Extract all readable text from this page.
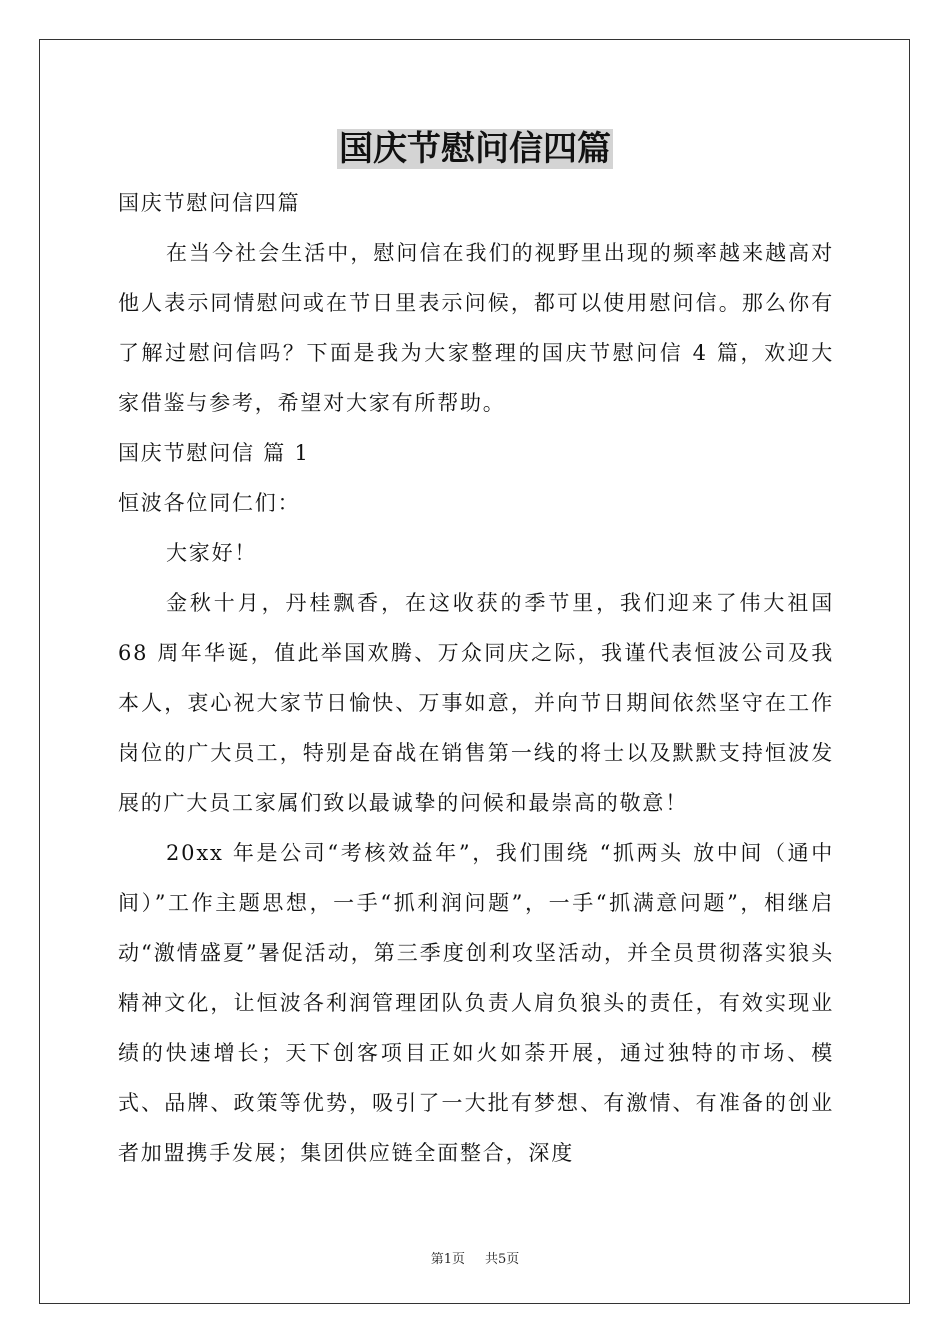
国庆节慰问信四篇

国庆节慰问信四篇

在当今社会生活中，慰问信在我们的视野里出现的频率越来越高对他人表示同情慰问或在节日里表示问候，都可以使用慰问信。那么你有了解过慰问信吗？下面是我为大家整理的国庆节慰问信 4 篇，欢迎大家借鉴与参考，希望对大家有所帮助。

国庆节慰问信 篇 1

恒波各位同仁们：

大家好！

金秋十月，丹桂飘香，在这收获的季节里，我们迎来了伟大祖国 68 周年华诞，值此举国欢腾、万众同庆之际，我谨代表恒波公司及我本人，衷心祝大家节日愉快、万事如意，并向节日期间依然坚守在工作岗位的广大员工，特别是奋战在销售第一线的将士以及默默支持恒波发展的广大员工家属们致以最诚挚的问候和最崇高的敬意！

20xx 年是公司“考核效益年”，我们围绕 “抓两头 放中间（通中间）”工作主题思想，一手“抓利润问题”，一手“抓满意问题”，相继启动“激情盛夏”暑促活动，第三季度创利攻坚活动，并全员贯彻落实狼头精神文化，让恒波各利润管理团队负责人肩负狼头的责任，有效实现业绩的快速增长；天下创客项目正如火如荼开展，通过独特的市场、模式、品牌、政策等优势，吸引了一大批有梦想、有激情、有准备的创业者加盟携手发展；集团供应链全面整合，深度

第1页 共5页
